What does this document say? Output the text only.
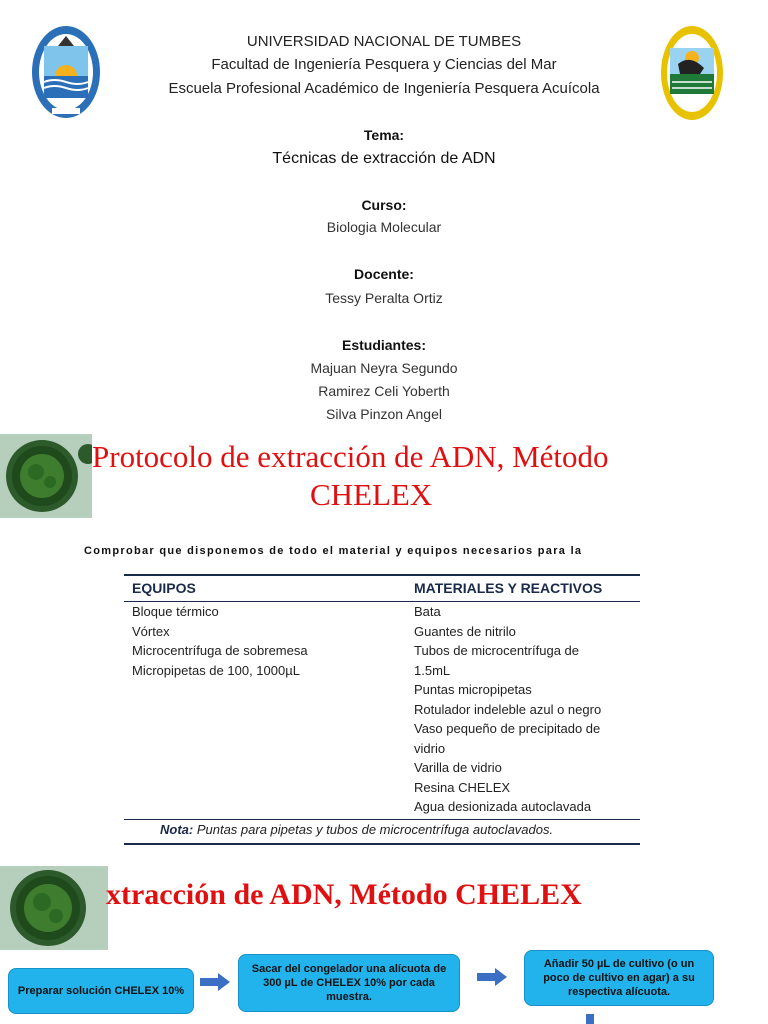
UNIVERSIDAD NACIONAL DE TUMBES
Facultad de Ingeniería Pesquera y Ciencias del Mar
Escuela Profesional Académico de Ingeniería Pesquera Acuícola
Tema:
Técnicas de extracción de ADN
Curso:
Biologia Molecular
Docente:
Tessy Peralta Ortiz
Estudiantes:
Majuan Neyra Segundo
Ramirez Celi Yoberth
Silva Pinzon Angel
Protocolo de extracción de ADN, Método
CHELEX
Comprobar que disponemos de todo el material y equipos necesarios para la
EQUIPOS	MATERIALES Y REACTIVOS
Bloque térmico
Vórtex
Microcentrífuga de sobremesa
Micropipetas de 100, 1000µL
Bata
Guantes de nitrilo
Tubos de microcentrífuga de
1.5mL
Puntas micropipetas
Rotulador indeleble azul o negro
Vaso pequeño de precipitado de
vidrio
Varilla de vidrio
Resina CHELEX
Agua desionizada autoclavada
Nota: Puntas para pipetas y tubos de microcentrífuga autoclavados.
xtracción de ADN, Método CHELEX
Preparar solución CHELEX 10%
Sacar del congelador una alícuota de 300 µL de CHELEX 10% por cada muestra.
Añadir 50 µL de cultivo (o un poco de cultivo en agar) a su respectiva alícuota.
